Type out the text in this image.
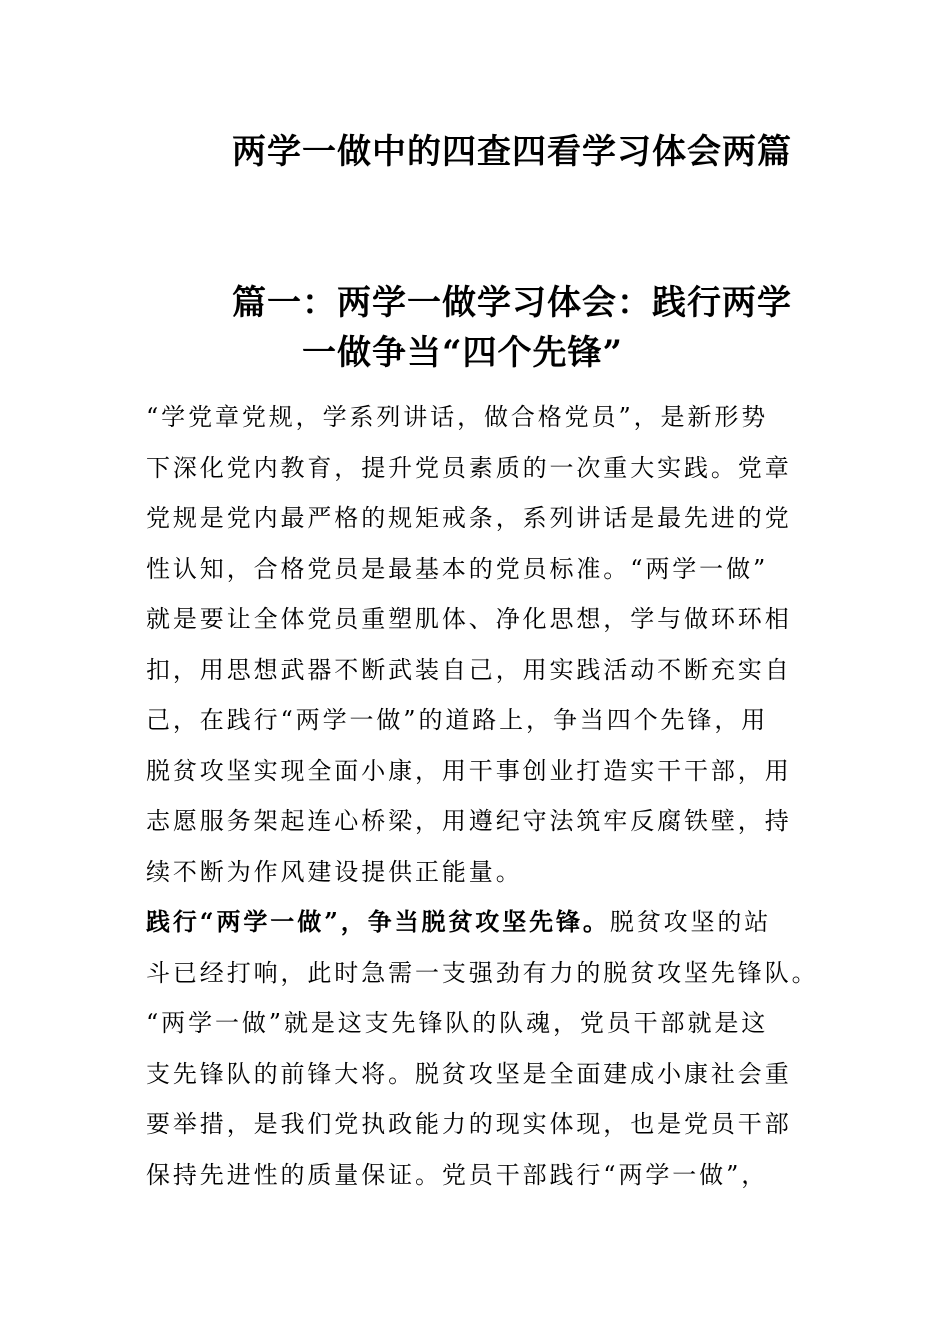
两学一做中的四查四看学习体会两篇
篇一：两学一做学习体会：践行两学
一做争当“四个先锋”

“学党章党规，学系列讲话，做合格党员”，是新形势
下深化党内教育，提升党员素质的一次重大实践。党章
党规是党内最严格的规矩戒条，系列讲话是最先进的党
性认知，合格党员是最基本的党员标准。“两学一做”
就是要让全体党员重塑肌体、净化思想，学与做环环相
扣，用思想武器不断武装自己，用实践活动不断充实自
己，在践行“两学一做”的道路上，争当四个先锋，用
脱贫攻坚实现全面小康，用干事创业打造实干干部，用
志愿服务架起连心桥梁，用遵纪守法筑牢反腐铁壁，持
续不断为作风建设提供正能量。

践行“两学一做”，争当脱贫攻坚先锋。脱贫攻坚的站
斗已经打响，此时急需一支强劲有力的脱贫攻坚先锋队。
“两学一做”就是这支先锋队的队魂，党员干部就是这
支先锋队的前锋大将。脱贫攻坚是全面建成小康社会重
要举措，是我们党执政能力的现实体现，也是党员干部
保持先进性的质量保证。党员干部践行“两学一做”，
